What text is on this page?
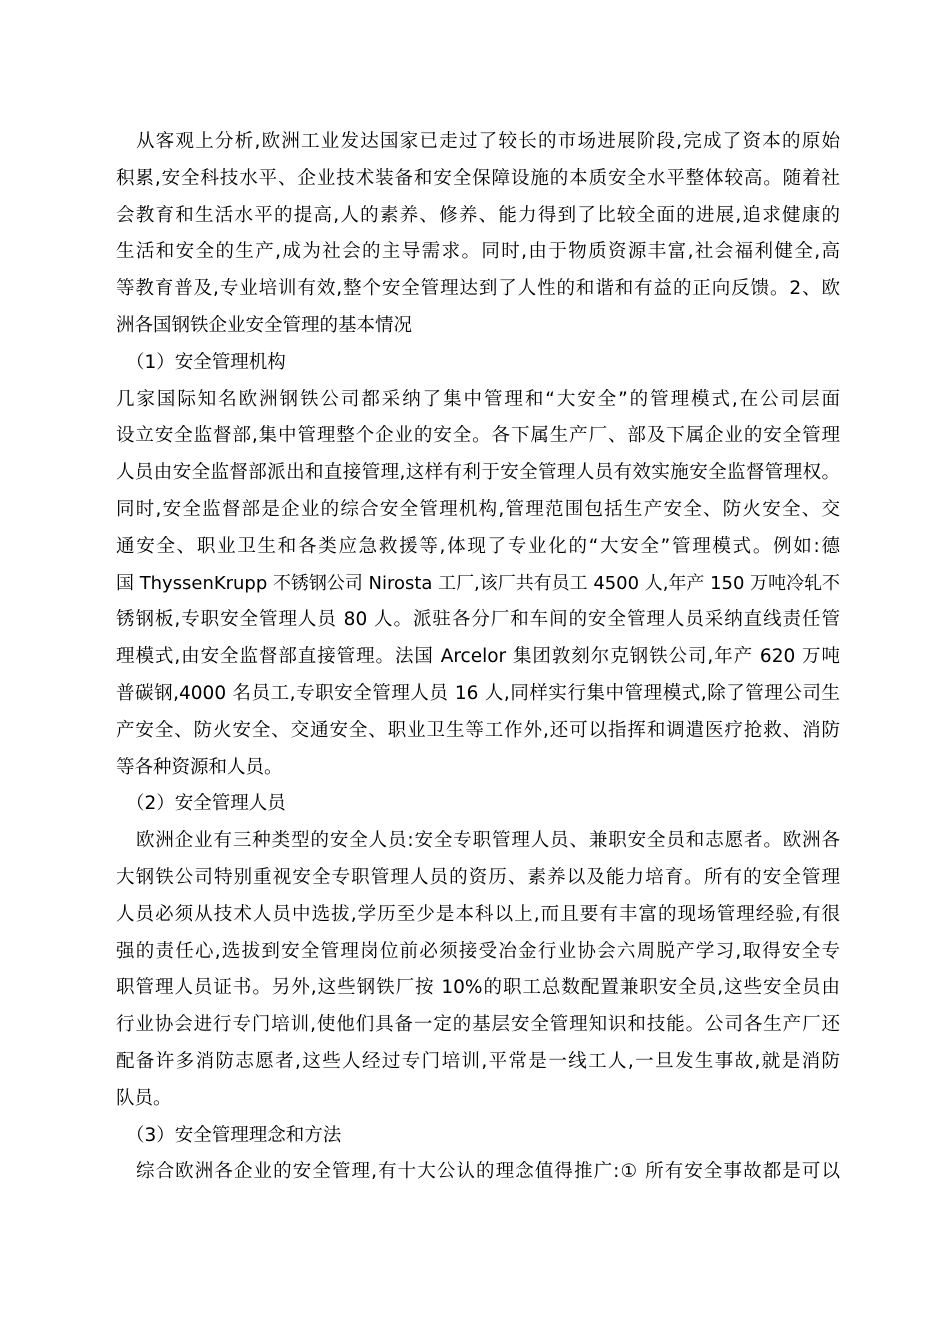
从客观上分析,欧洲工业发达国家已走过了较长的市场进展阶段,完成了资本的原始
积累,安全科技水平、企业技术装备和安全保障设施的本质安全水平整体较高。随着社
会教育和生活水平的提高,人的素养、修养、能力得到了比较全面的进展,追求健康的
生活和安全的生产,成为社会的主导需求。同时,由于物质资源丰富,社会福利健全,高
等教育普及,专业培训有效,整个安全管理达到了人性的和谐和有益的正向反馈。2、欧
洲各国钢铁企业安全管理的基本情况
（1）安全管理机构
几家国际知名欧洲钢铁公司都采纳了集中管理和“大安全”的管理模式,在公司层面
设立安全监督部,集中管理整个企业的安全。各下属生产厂、部及下属企业的安全管理
人员由安全监督部派出和直接管理,这样有利于安全管理人员有效实施安全监督管理权。
同时,安全监督部是企业的综合安全管理机构,管理范围包括生产安全、防火安全、交
通安全、职业卫生和各类应急救援等,体现了专业化的“大安全”管理模式。例如:德
国 ThyssenKrupp 不锈钢公司 Nirosta 工厂,该厂共有员工 4500 人,年产 150 万吨冷轧不
锈钢板,专职安全管理人员 80 人。派驻各分厂和车间的安全管理人员采纳直线责任管
理模式,由安全监督部直接管理。法国 Arcelor 集团敦刻尔克钢铁公司,年产 620 万吨
普碳钢,4000 名员工,专职安全管理人员 16 人,同样实行集中管理模式,除了管理公司生
产安全、防火安全、交通安全、职业卫生等工作外,还可以指挥和调遣医疗抢救、消防
等各种资源和人员。
（2）安全管理人员
欧洲企业有三种类型的安全人员:安全专职管理人员、兼职安全员和志愿者。欧洲各
大钢铁公司特别重视安全专职管理人员的资历、素养以及能力培育。所有的安全管理
人员必须从技术人员中选拔,学历至少是本科以上,而且要有丰富的现场管理经验,有很
强的责任心,选拔到安全管理岗位前必须接受冶金行业协会六周脱产学习,取得安全专
职管理人员证书。另外,这些钢铁厂按 10%的职工总数配置兼职安全员,这些安全员由
行业协会进行专门培训,使他们具备一定的基层安全管理知识和技能。公司各生产厂还
配备许多消防志愿者,这些人经过专门培训,平常是一线工人,一旦发生事故,就是消防
队员。
（3）安全管理理念和方法
综合欧洲各企业的安全管理,有十大公认的理念值得推广:① 所有安全事故都是可以
